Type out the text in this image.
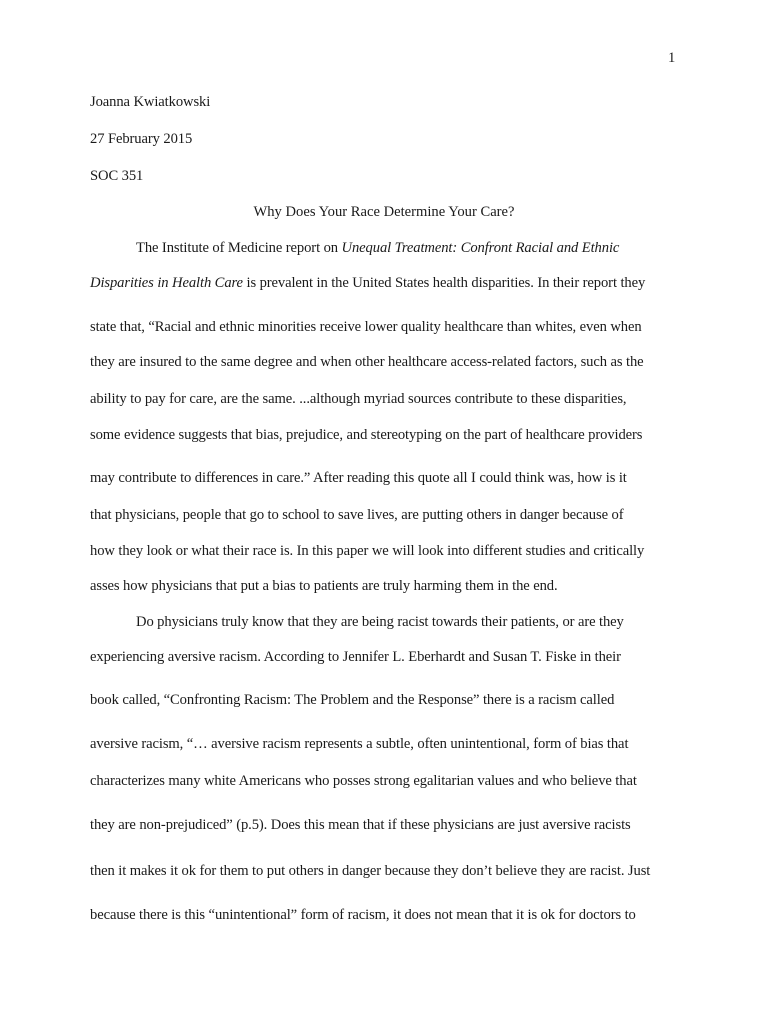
1
Joanna Kwiatkowski
27 February 2015
SOC 351
Why Does Your Race Determine Your Care?
The Institute of Medicine report on Unequal Treatment: Confront Racial and Ethnic
Disparities in Health Care is prevalent in the United States health disparities. In their report they
state that, “Racial and ethnic minorities receive lower quality healthcare than whites, even when
they are insured to the same degree and when other healthcare access-related factors, such as the
ability to pay for care, are the same. ...although myriad sources contribute to these disparities,
some evidence suggests that bias, prejudice, and stereotyping on the part of healthcare providers
may contribute to differences in care.” After reading this quote all I could think was, how is it
that physicians, people that go to school to save lives, are putting others in danger because of
how they look or what their race is. In this paper we will look into different studies and critically
asses how physicians that put a bias to patients are truly harming them in the end.
Do physicians truly know that they are being racist towards their patients, or are they
experiencing aversive racism. According to Jennifer L. Eberhardt and Susan T. Fiske in their
book called, “Confronting Racism: The Problem and the Response” there is a racism called
aversive racism, “… aversive racism represents a subtle, often unintentional, form of bias that
characterizes many white Americans who posses strong egalitarian values and who believe that
they are non-prejudiced” (p.5). Does this mean that if these physicians are just aversive racists
then it makes it ok for them to put others in danger because they don’t believe they are racist. Just
because there is this “unintentional” form of racism, it does not mean that it is ok for doctors to
